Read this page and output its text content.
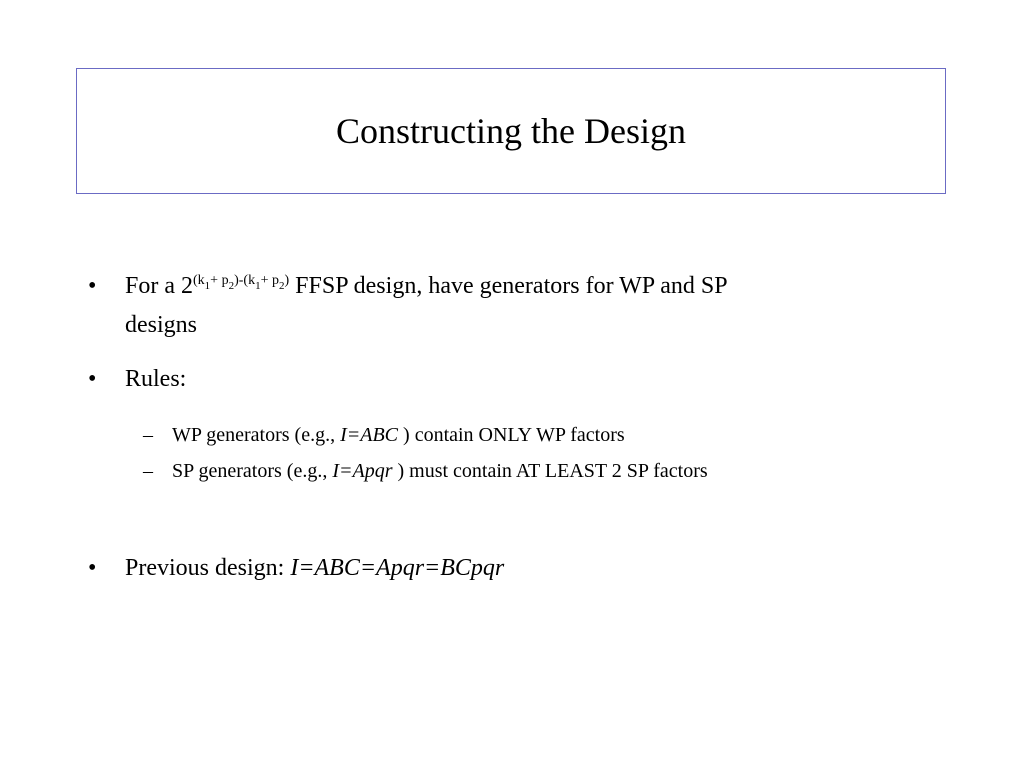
Constructing the Design
• For a $2(k_1+ p_2)-(k_1+ p_2)$ FFSP design, have generators for WP and SP
designs
• Rules:
– WP generators (e.g., I=ABC ) contain ONLY WP factors
– SP generators (e.g., I=Apqr ) must contain AT LEAST 2 SP factors
• Previous design: I=ABC=Apqr=BCpqr
